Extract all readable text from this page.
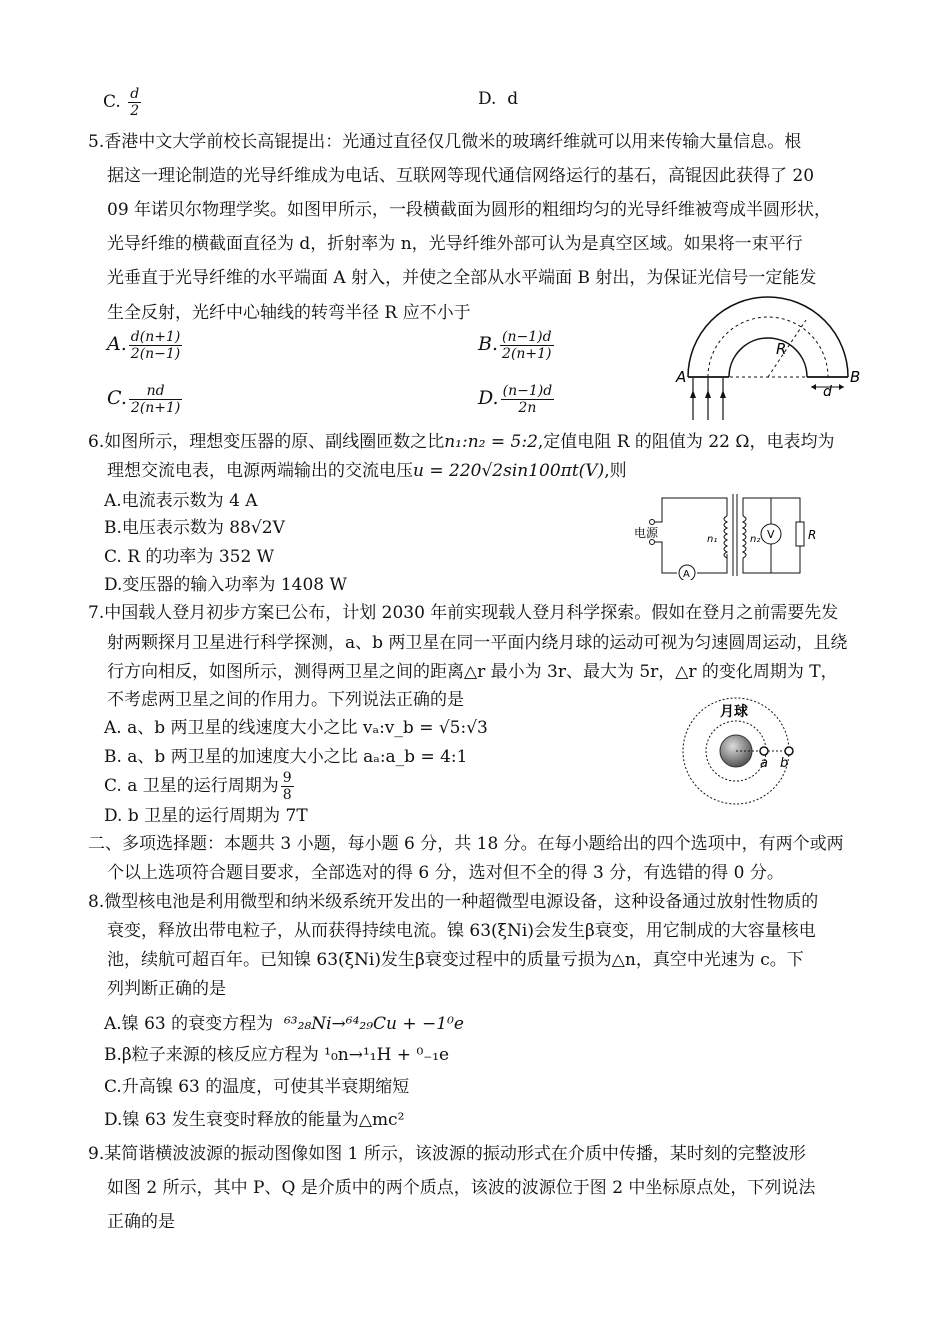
C. $\frac{d}{2}$	D. d
5.香港中文大学前校长高锟提出：光通过直径仅几微米的玻璃纤维就可以用来传输大量信息。根
据这一理论制造的光导纤维成为电话、互联网等现代通信网络运行的基石，高锟因此获得了 20
09 年诺贝尔物理学奖。如图甲所示，一段横截面为圆形的粗细均匀的光导纤维被弯成半圆形状，
光导纤维的横截面直径为 d，折射率为 n，光导纤维外部可认为是真空区域。如果将一束平行
光垂直于光导纤维的水平端面 A 射入，并使之全部从水平端面 B 射出，为保证光信号一定能发
生全反射，光纤中心轴线的转弯半径 R 应不小于
A. $\frac{d(n+1)}{2(n-1)}$	B. $\frac{(n-1)d}{2(n+1)}$
C. $\frac{nd}{2(n+1)}$	D. $\frac{(n-1)d}{2n}$
A	B
R
d
6.如图所示，理想变压器的原、副线圈匝数之比n₁:n₂ = 5:2,定值电阻 R 的阻值为 22 Ω，电表均为
理想交流电表，电源两端输出的交流电压u = 220√2sin100πt(V),则
A.电流表示数为 4 A
B.电压表示数为 88√2V
C. R 的功率为 352 W
D.变压器的输入功率为 1408 W
电源
A
n₁	n₂ V	R
7.中国载人登月初步方案已公布，计划 2030 年前实现载人登月科学探索。假如在登月之前需要先发
射两颗探月卫星进行科学探测，a、b 两卫星在同一平面内绕月球的运动可视为匀速圆周运动，且绕
行方向相反，如图所示，测得两卫星之间的距离△r 最小为 3r、最大为 5r，△r 的变化周期为 T，
不考虑两卫星之间的作用力。下列说法正确的是
A. a、b 两卫星的线速度大小之比 vₐ:v_b = √5:√3
B. a、b 两卫星的加速度大小之比 aₐ:a_b = 4:1
C. a 卫星的运行周期为 $\frac{9}{8}$
D. b 卫星的运行周期为 7T
月球
a b
二、多项选择题：本题共 3 小题，每小题 6 分，共 18 分。在每小题给出的四个选项中，有两个或两
个以上选项符合题目要求，全部选对的得 6 分，选对但不全的得 3 分，有选错的得 0 分。
8.微型核电池是利用微型和纳米级系统开发出的一种超微型电源设备，这种设备通过放射性物质的
衰变，释放出带电粒子，从而获得持续电流。镍 63(ξNi)会发生β衰变，用它制成的大容量核电
池，续航可超百年。已知镍 63(ξNi)发生β衰变过程中的质量亏损为△n，真空中光速为 c。下
列判断正确的是
A.镍 63 的衰变方程为 ⁶³₂₈Ni→⁶⁴₂₉Cu + −1⁰e
B.β粒子来源的核反应方程为 ¹₀n→¹₁H + ⁰₋₁e
C.升高镍 63 的温度，可使其半衰期缩短
D.镍 63 发生衰变时释放的能量为△mc²
9.某简谐横波波源的振动图像如图 1 所示，该波源的振动形式在介质中传播，某时刻的完整波形
如图 2 所示，其中 P、Q 是介质中的两个质点，该波的波源位于图 2 中坐标原点处，下列说法
正确的是
